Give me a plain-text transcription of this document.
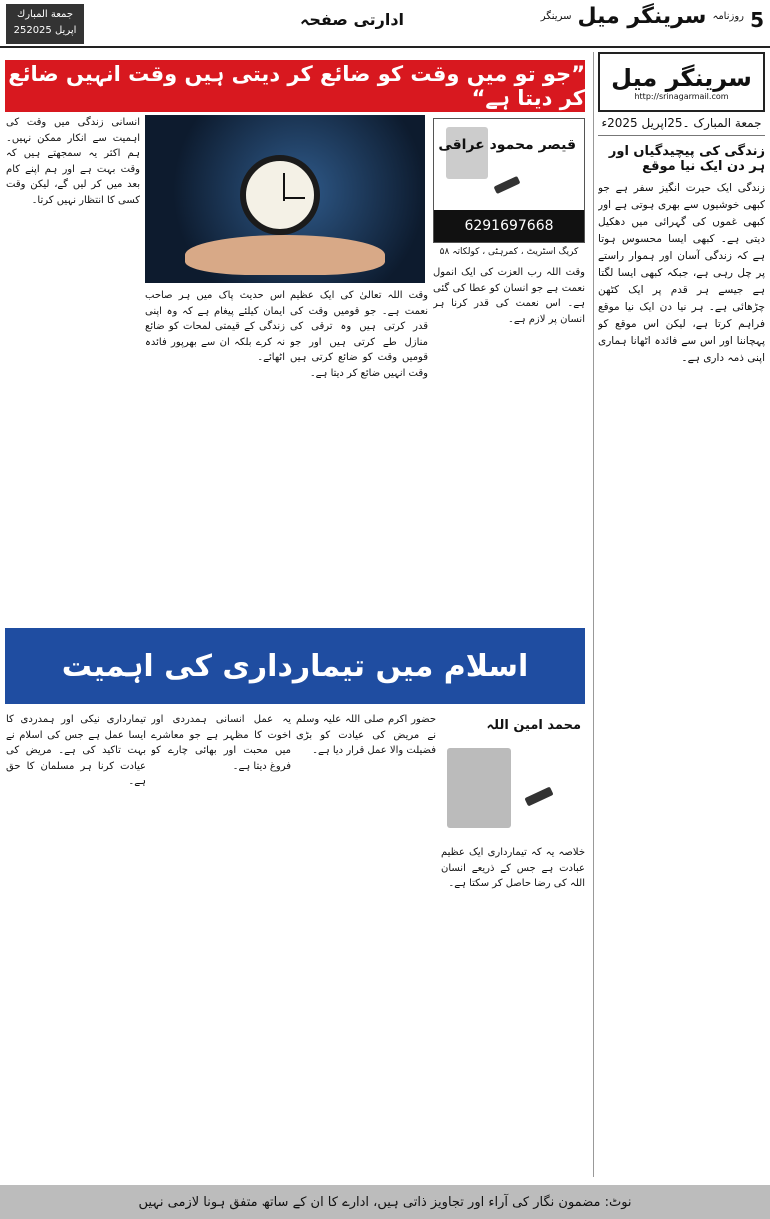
جمعة المبارك
25اپریل 2025
ادارتی صفحہ	سرینگر سرینگر میل روزنامہ 5
سرینگر میل
http://srinagarmail.com
جمعة المبارک ۔25اپریل 2025ء
زندگی کی پیچیدگیاں اور ہر دن ایک نیا موقع
زندگی ایک حیرت انگیز سفر ہے جو کبھی خوشیوں سے بھری ہوتی ہے اور کبھی غموں کی گہرائی میں دھکیل دیتی ہے۔ کبھی ایسا محسوس ہوتا ہے کہ زندگی آسان اور ہموار راستے پر چل رہی ہے، جبکہ کبھی ایسا لگتا ہے جیسے ہر قدم پر ایک کٹھن چڑھائی ہے۔ ہر نیا دن ایک نیا موقع فراہم کرتا ہے، لیکن اس موقع کو پہچاننا اور اس سے فائدہ اٹھانا ہماری اپنی ذمہ داری ہے۔
”جو تو میں وقت کو ضائع کر دیتی ہیں وقت انہیں ضائع کر دیتا ہے“
قیصر محمود عراقی
6291697668
کریگ اسٹریٹ ، کمرہٹی ، کولکاتہ ۵۸
انسانی زندگی میں وقت کی اہمیت سے انکار ممکن نہیں۔ ہم اکثر یہ سمجھتے ہیں کہ وقت بہت ہے اور ہم اپنے کام بعد میں کر لیں گے، لیکن وقت کسی کا انتظار نہیں کرتا۔
اس حدیث پاک میں ہر صاحب ایمان کیلئے پیغام ہے کہ وہ اپنی زندگی کے قیمتی لمحات کو ضائع نہ کرے بلکہ ان سے بھرپور فائدہ اٹھائے۔
وقت اللہ تعالیٰ کی ایک عظیم نعمت ہے۔ جو قومیں وقت کی قدر کرتی ہیں وہ ترقی کی منازل طے کرتی ہیں اور جو قومیں وقت کو ضائع کرتی ہیں وقت انہیں ضائع کر دیتا ہے۔
وقت اللہ رب العزت کی ایک انمول نعمت ہے جو انسان کو عطا کی گئی ہے۔ اس نعمت کی قدر کرنا ہر انسان پر لازم ہے۔
اسلام میں تیمارداری کی اہمیت
محمد امین اللہ
تیمارداری نیکی اور ہمدردی کا ایسا عمل ہے جس کی اسلام نے بہت تاکید کی ہے۔ مریض کی عیادت کرنا ہر مسلمان کا حق ہے۔
یہ عمل انسانی ہمدردی اور اخوت کا مظہر ہے جو معاشرے میں محبت اور بھائی چارے کو فروغ دیتا ہے۔
حضور اکرم صلی اللہ علیہ وسلم نے مریض کی عیادت کو بڑی فضیلت والا عمل قرار دیا ہے۔
خلاصہ یہ کہ تیمارداری ایک عظیم عبادت ہے جس کے ذریعے انسان اللہ کی رضا حاصل کر سکتا ہے۔
نوٹ: مضمون نگار کی آراء اور تجاویز ذاتی ہیں، ادارے کا ان کے ساتھ متفق ہونا لازمی نہیں
